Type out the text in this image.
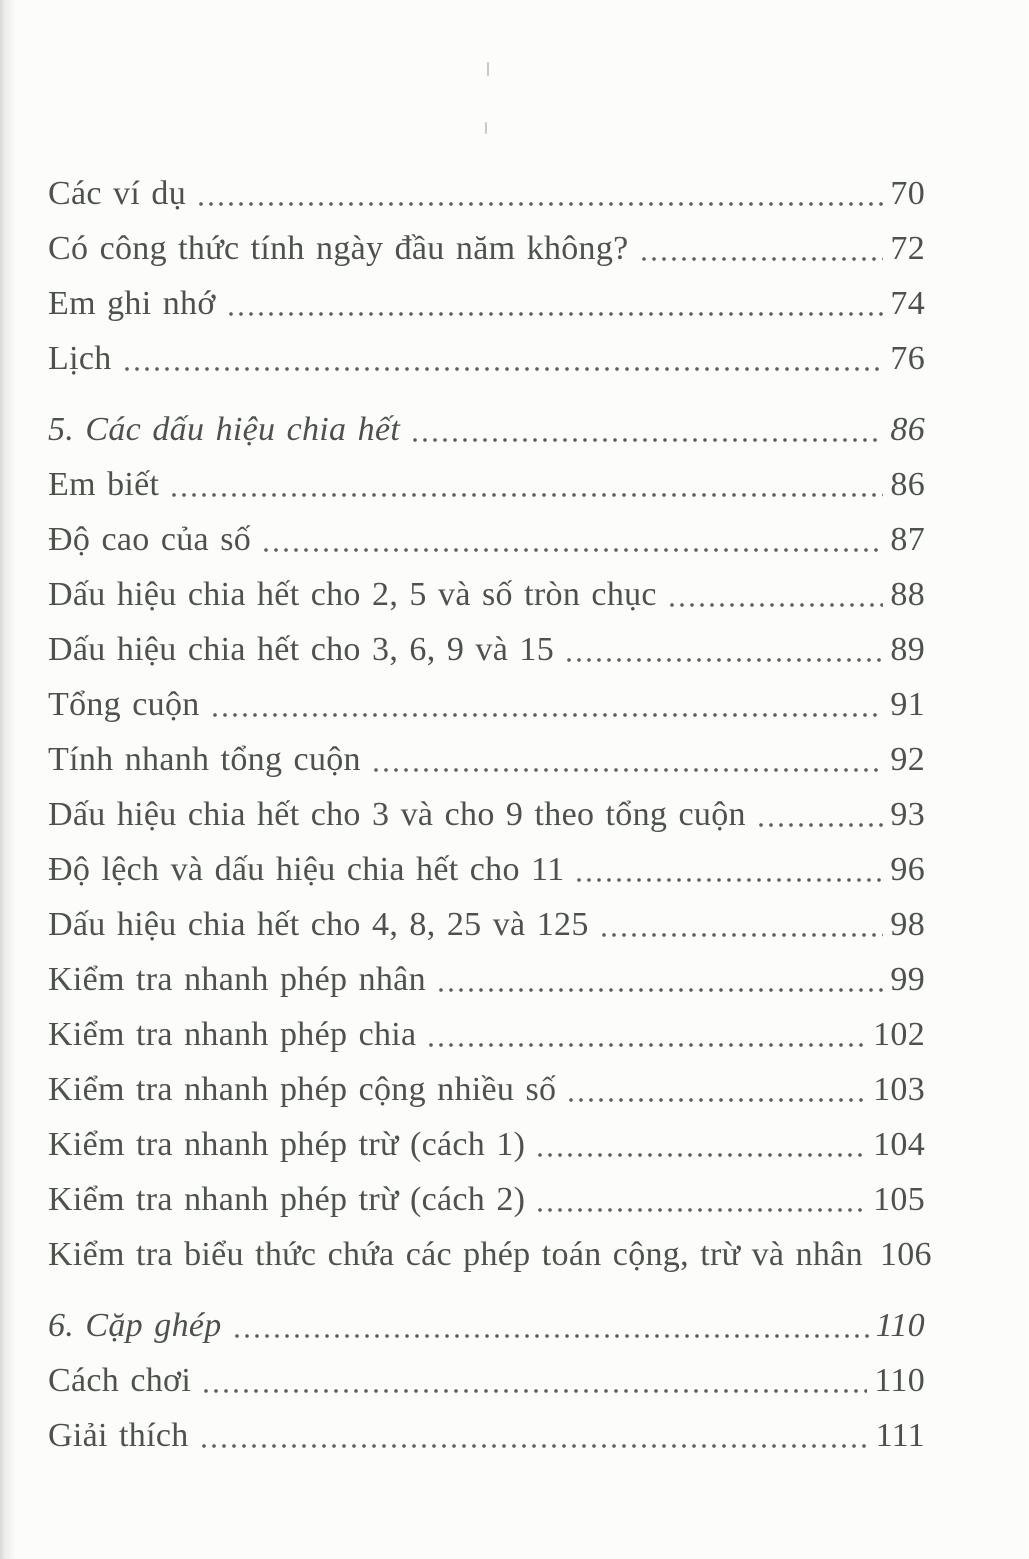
Các ví dụ	70
Có công thức tính ngày đầu năm không?	72
Em ghi nhớ	74
Lịch	76
5. Các dấu hiệu chia hết	86
Em biết	86
Độ cao của số	87
Dấu hiệu chia hết cho 2, 5 và số tròn chục	88
Dấu hiệu chia hết cho 3, 6, 9 và 15	89
Tổng cuộn	91
Tính nhanh tổng cuộn	92
Dấu hiệu chia hết cho 3 và cho 9 theo tổng cuộn	93
Độ lệch và dấu hiệu chia hết cho 11	96
Dấu hiệu chia hết cho 4, 8, 25 và 125	98
Kiểm tra nhanh phép nhân	99
Kiểm tra nhanh phép chia	102
Kiểm tra nhanh phép cộng nhiều số	103
Kiểm tra nhanh phép trừ (cách 1)	104
Kiểm tra nhanh phép trừ (cách 2)	105
Kiểm tra biểu thức chứa các phép toán cộng, trừ và nhân 106
6. Cặp ghép	110
Cách chơi	110
Giải thích	111
